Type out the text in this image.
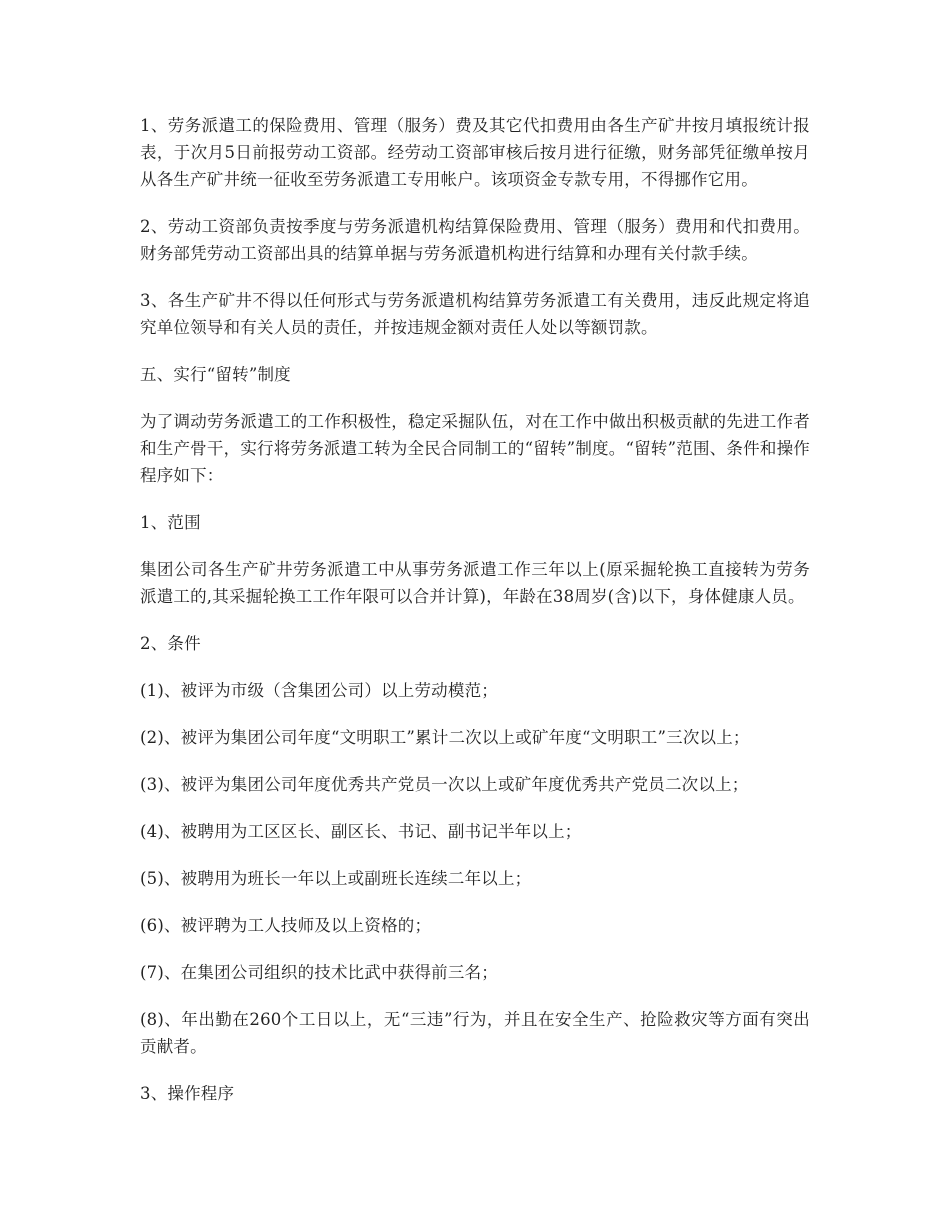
1、劳务派遣工的保险费用、管理（服务）费及其它代扣费用由各生产矿井按月填报统计报表，于次月5日前报劳动工资部。经劳动工资部审核后按月进行征缴，财务部凭征缴单按月从各生产矿井统一征收至劳务派遣工专用帐户。该项资金专款专用，不得挪作它用。

2、劳动工资部负责按季度与劳务派遣机构结算保险费用、管理（服务）费用和代扣费用。财务部凭劳动工资部出具的结算单据与劳务派遣机构进行结算和办理有关付款手续。

3、各生产矿井不得以任何形式与劳务派遣机构结算劳务派遣工有关费用，违反此规定将追究单位领导和有关人员的责任，并按违规金额对责任人处以等额罚款。

五、实行“留转”制度

为了调动劳务派遣工的工作积极性，稳定采掘队伍，对在工作中做出积极贡献的先进工作者和生产骨干，实行将劳务派遣工转为全民合同制工的“留转”制度。“留转”范围、条件和操作程序如下：

1、范围

集团公司各生产矿井劳务派遣工中从事劳务派遣工作三年以上(原采掘轮换工直接转为劳务派遣工的,其采掘轮换工工作年限可以合并计算)，年龄在38周岁(含)以下，身体健康人员。

2、条件

(1)、被评为市级（含集团公司）以上劳动模范；

(2)、被评为集团公司年度“文明职工”累计二次以上或矿年度“文明职工”三次以上；

(3)、被评为集团公司年度优秀共产党员一次以上或矿年度优秀共产党员二次以上；

(4)、被聘用为工区区长、副区长、书记、副书记半年以上；

(5)、被聘用为班长一年以上或副班长连续二年以上；

(6)、被评聘为工人技师及以上资格的；

(7)、在集团公司组织的技术比武中获得前三名；

(8)、年出勤在260个工日以上，无“三违”行为，并且在安全生产、抢险救灾等方面有突出贡献者。

3、操作程序
